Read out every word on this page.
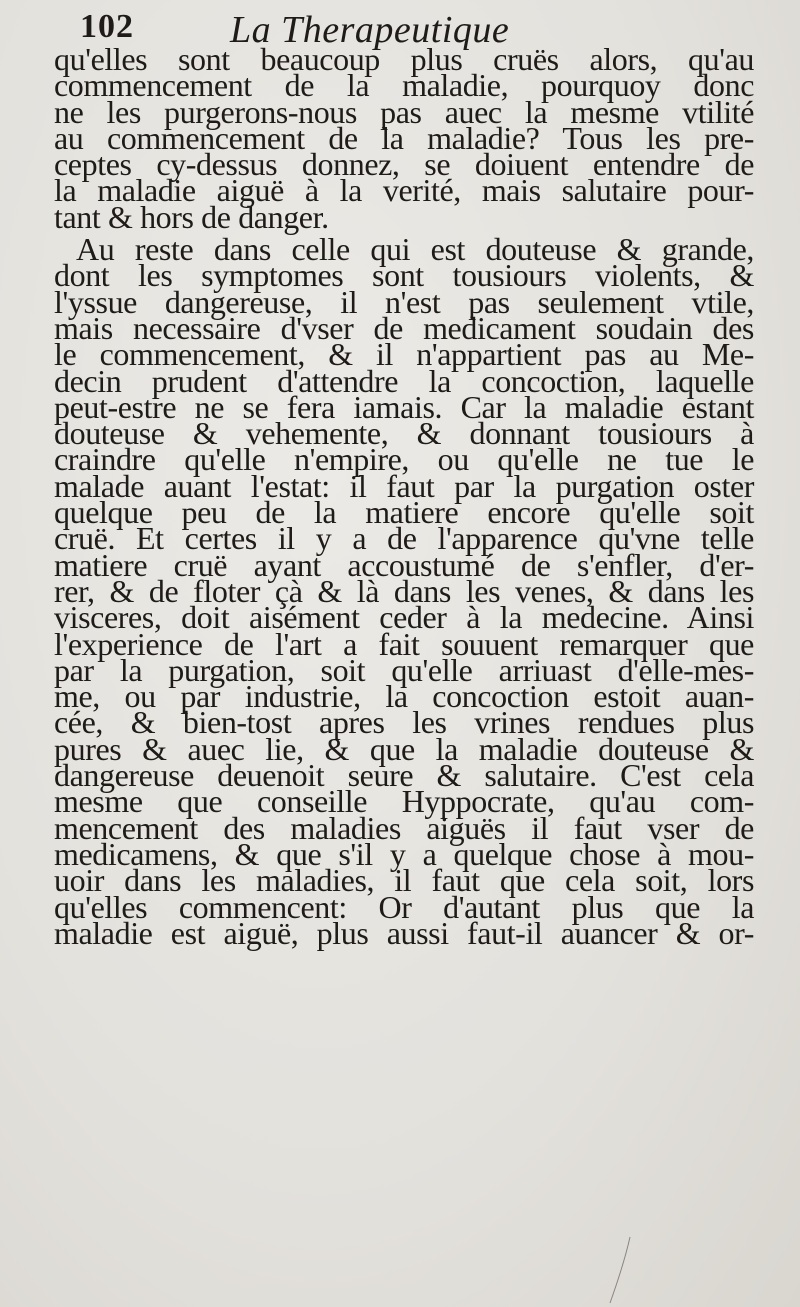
102	La Therapeutique

qu'elles sont beaucoup plus cruës alors, qu'au
commencement de la maladie, pourquoy donc
ne les purgerons-nous pas auec la mesme vtilité
au commencement de la maladie? Tous les pre-
ceptes cy-dessus donnez, se doiuent entendre de
la maladie aiguë à la verité, mais salutaire pour-
tant & hors de danger.

Au reste dans celle qui est douteuse & grande,
dont les symptomes sont tousiours violents, &
l'yssue dangereuse, il n'est pas seulement vtile,
mais necessaire d'vser de medicament soudain des
le commencement, & il n'appartient pas au Me-
decin prudent d'attendre la concoction, laquelle
peut-estre ne se fera iamais. Car la maladie estant
douteuse & vehemente, & donnant tousiours à
craindre qu'elle n'empire, ou qu'elle ne tue le
malade auant l'estat: il faut par la purgation oster
quelque peu de la matiere encore qu'elle soit
cruë. Et certes il y a de l'apparence qu'vne telle
matiere cruë ayant accoustumé de s'enfler, d'er-
rer, & de floter çà & là dans les venes, & dans les
visceres, doit aisément ceder à la medecine. Ainsi
l'experience de l'art a fait souuent remarquer que
par la purgation, soit qu'elle arriuast d'elle-mes-
me, ou par industrie, la concoction estoit auan-
cée, & bien-tost apres les vrines rendues plus
pures & auec lie, & que la maladie douteuse &
dangereuse deuenoit seure & salutaire. C'est cela
mesme que conseille Hyppocrate, qu'au com-
mencement des maladies aiguës il faut vser de
medicamens, & que s'il y a quelque chose à mou-
uoir dans les maladies, il faut que cela soit, lors
qu'elles commencent: Or d'autant plus que la
maladie est aiguë, plus aussi faut-il auancer & or-
